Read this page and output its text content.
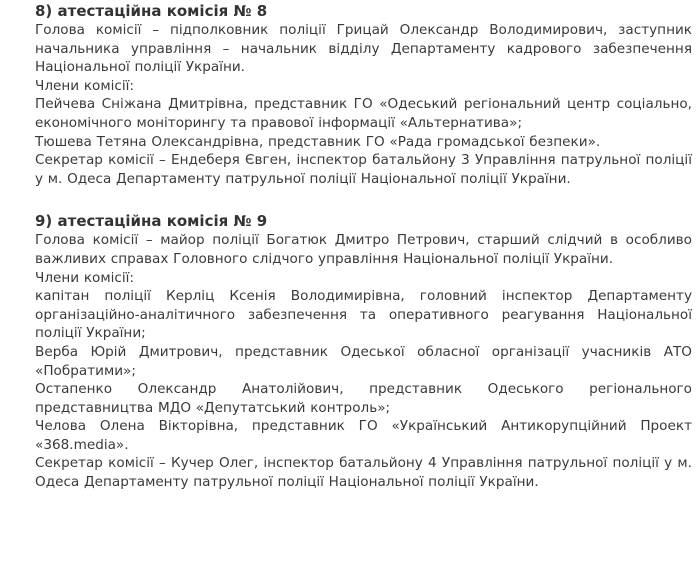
8) атестаційна комісія № 8

Голова комісії – підполковник поліції Грицай Олександр Володимирович, заступник начальника управління – начальник відділу Департаменту кадрового забезпечення Національної поліції України.

Члени комісії:

Пейчева Сніжана Дмитрівна, представник ГО «Одеський регіональний центр соціально, економічного моніторингу та правової інформації «Альтернатива»;

Тюшева Тетяна Олександрівна, представник ГО «Рада громадської безпеки».

Секретар комісії – Ендеберя Євген, інспектор батальйону 3 Управління патрульної поліції у м. Одеса Департаменту патрульної поліції Національної поліції України.

9) атестаційна комісія № 9

Голова комісії – майор поліції Богатюк Дмитро Петрович, старший слідчий в особливо важливих справах Головного слідчого управління Національної поліції України.

Члени комісії:

капітан поліції Керліц Ксенія Володимирівна, головний інспектор Департаменту організаційно-аналітичного забезпечення та оперативного реагування Національної поліції України;

Верба Юрій Дмитрович, представник Одеської обласної організації учасників АТО «Побратими»;

Остапенко Олександр Анатолійович, представник Одеського регіонального представництва МДО «Депутатський контроль»;

Челова Олена Вікторівна, представник ГО «Український Антикорупційний Проект «368.media».

Секретар комісії – Кучер Олег, інспектор батальйону 4 Управління патрульної поліції у м. Одеса Департаменту патрульної поліції Національної поліції України.
